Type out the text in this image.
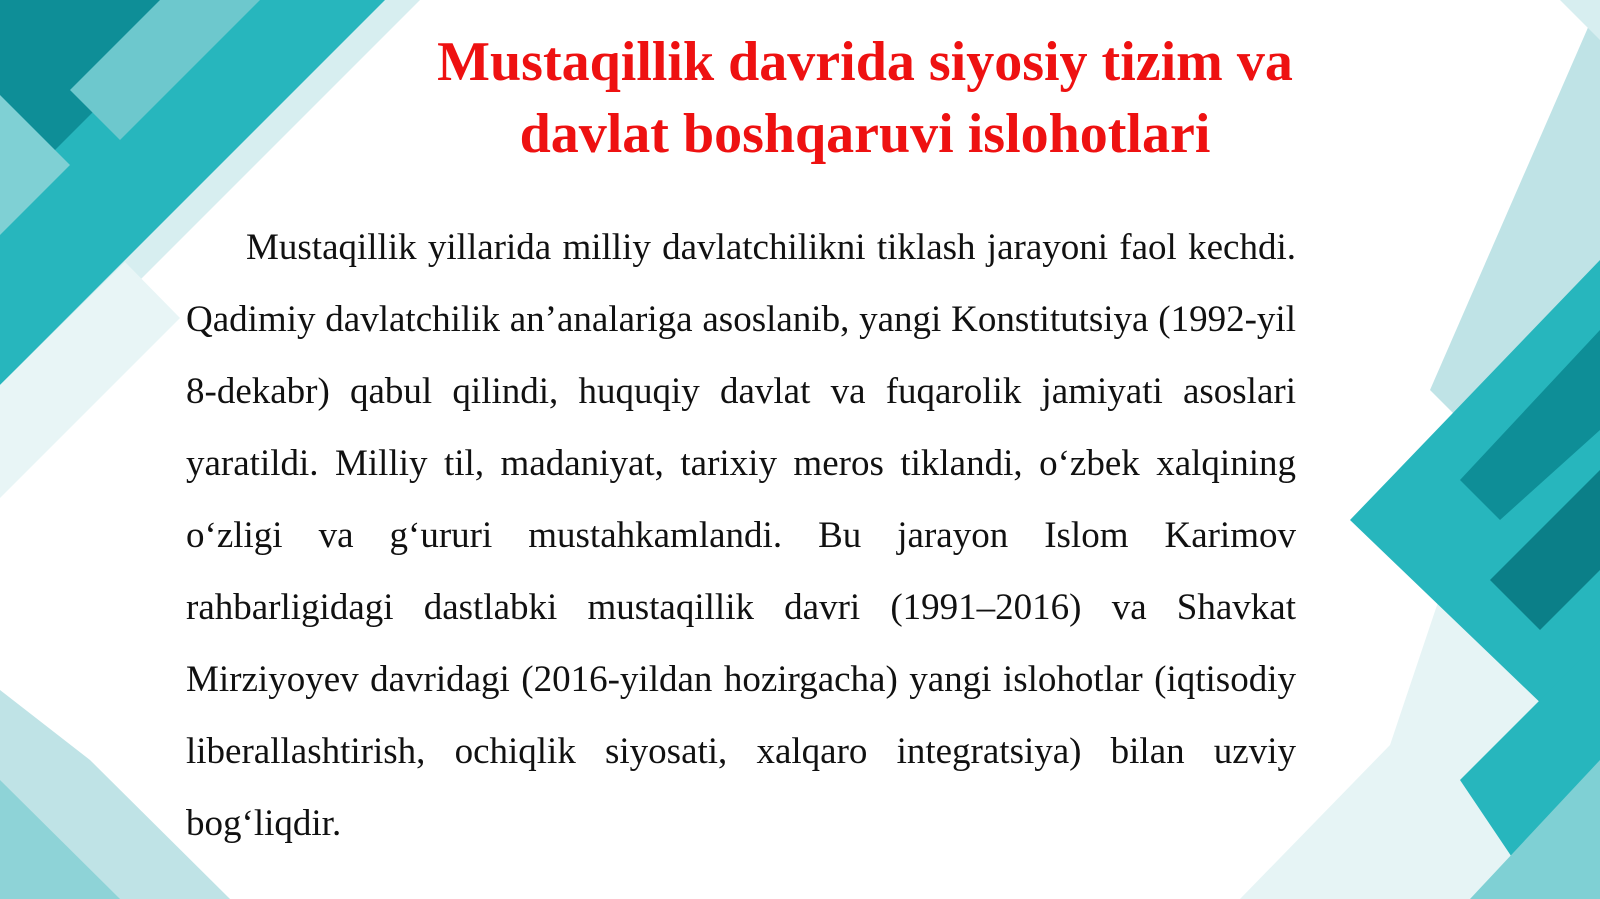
Mustaqillik davrida siyosiy tizim va
davlat boshqaruvi islohotlari

Mustaqillik yillarida milliy davlatchilikni tiklash jarayoni faol kechdi. Qadimiy davlatchilik an’analariga asoslanib, yangi Konstitutsiya (1992-yil 8-dekabr) qabul qilindi, huquqiy davlat va fuqarolik jamiyati asoslari yaratildi. Milliy til, madaniyat, tarixiy meros tiklandi, o‘zbek xalqining o‘zligi va g‘ururi mustahkamlandi. Bu jarayon Islom Karimov rahbarligidagi dastlabki mustaqillik davri (1991–2016) va Shavkat Mirziyoyev davridagi (2016-yildan hozirgacha) yangi islohotlar (iqtisodiy liberallashtirish, ochiqlik siyosati, xalqaro integratsiya) bilan uzviy bog‘liqdir.
